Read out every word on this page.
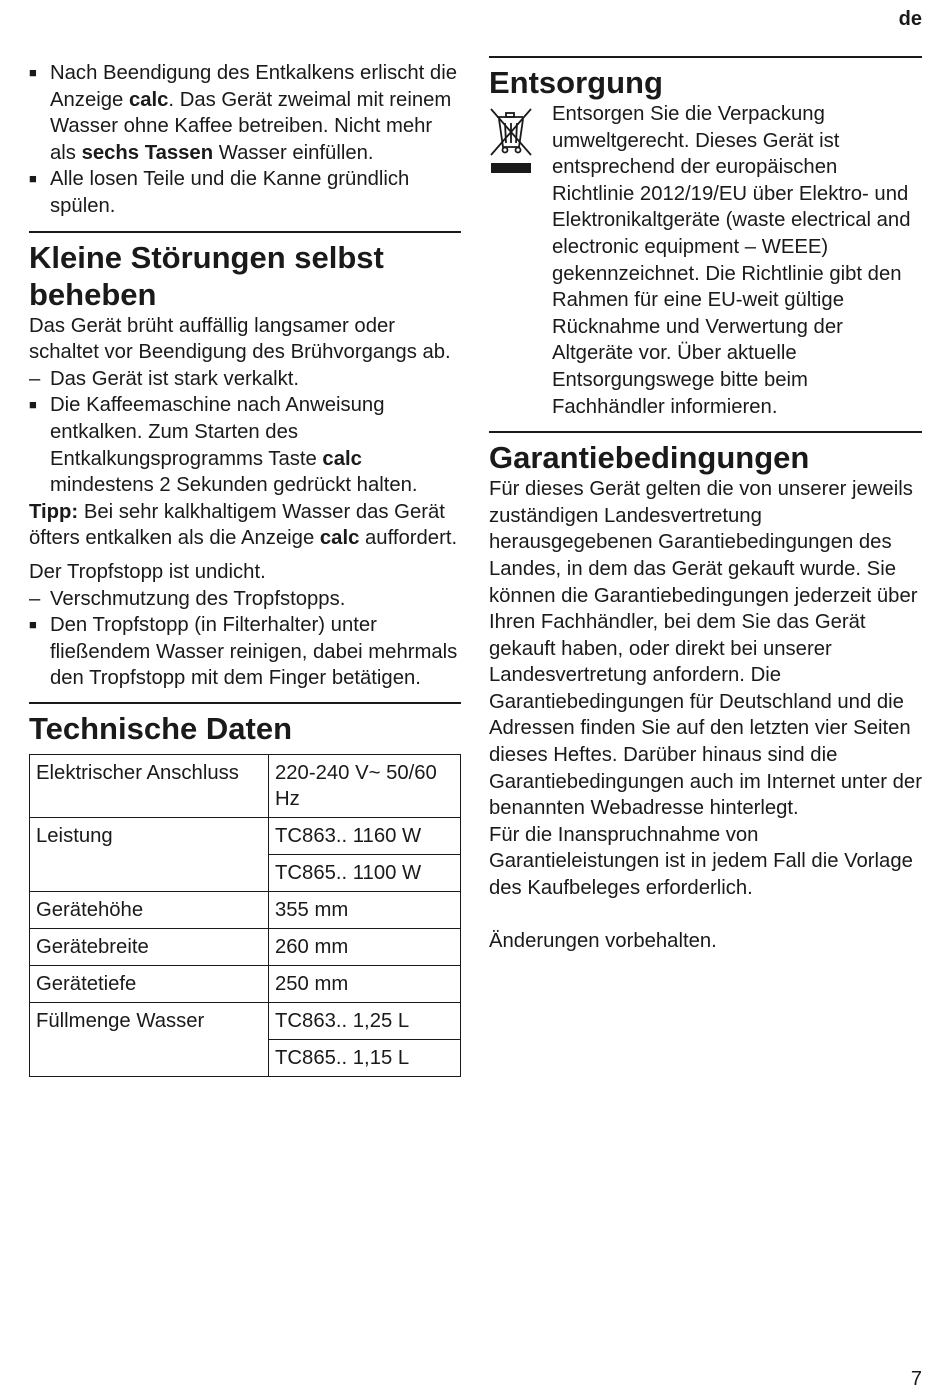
de
■ Nach Beendigung des Entkalkens erlischt die Anzeige calc. Das Gerät zweimal mit reinem Wasser ohne Kaffee betreiben. Nicht mehr als sechs Tassen Wasser einfüllen.
■ Alle losen Teile und die Kanne gründlich spülen.
Kleine Störungen selbst beheben
Das Gerät brüht auffällig langsamer oder schaltet vor Beendigung des Brühvorgangs ab.
– Das Gerät ist stark verkalkt.
■ Die Kaffeemaschine nach Anweisung entkalken. Zum Starten des Entkalkungsprogramms Taste calc mindestens 2 Sekunden gedrückt halten.
Tipp: Bei sehr kalkhaltigem Wasser das Gerät öfters entkalken als die Anzeige calc auffordert.
Der Tropfstopp ist undicht.
– Verschmutzung des Tropfstopps.
■ Den Tropfstopp (in Filterhalter) unter fließendem Wasser reinigen, dabei mehrmals den Tropfstopp mit dem Finger betätigen.
Technische Daten
Elektrischer Anschluss	220-240 V~ 50/60 Hz
Leistung	TC863.. 1160 W
	TC865.. 1100 W
Gerätehöhe	355 mm
Gerätebreite	260 mm
Gerätetiefe	250 mm
Füllmenge Wasser	TC863.. 1,25 L
	TC865.. 1,15 L
Entsorgung
Entsorgen Sie die Verpackung umweltgerecht. Dieses Gerät ist entsprechend der europäischen Richtlinie 2012/19/EU über Elektro- und Elektronikaltgeräte (waste electrical and electronic equipment – WEEE) gekennzeichnet. Die Richtlinie gibt den Rahmen für eine EU-weit gültige Rücknahme und Verwertung der Altgeräte vor. Über aktuelle Entsorgungswege bitte beim Fachhändler informieren.
Garantiebedingungen
Für dieses Gerät gelten die von unserer jeweils zuständigen Landesvertretung herausgegebenen Garantiebedingungen des Landes, in dem das Gerät gekauft wurde. Sie können die Garantiebedingungen jederzeit über Ihren Fachhändler, bei dem Sie das Gerät gekauft haben, oder direkt bei unserer Landesvertretung anfordern. Die Garantiebedingungen für Deutschland und die Adressen finden Sie auf den letzten vier Seiten dieses Heftes. Darüber hinaus sind die Garantiebedingungen auch im Internet unter der benannten Webadresse hinterlegt.
Für die Inanspruchnahme von Garantieleistungen ist in jedem Fall die Vorlage des Kaufbeleges erforderlich.
Änderungen vorbehalten.
7
